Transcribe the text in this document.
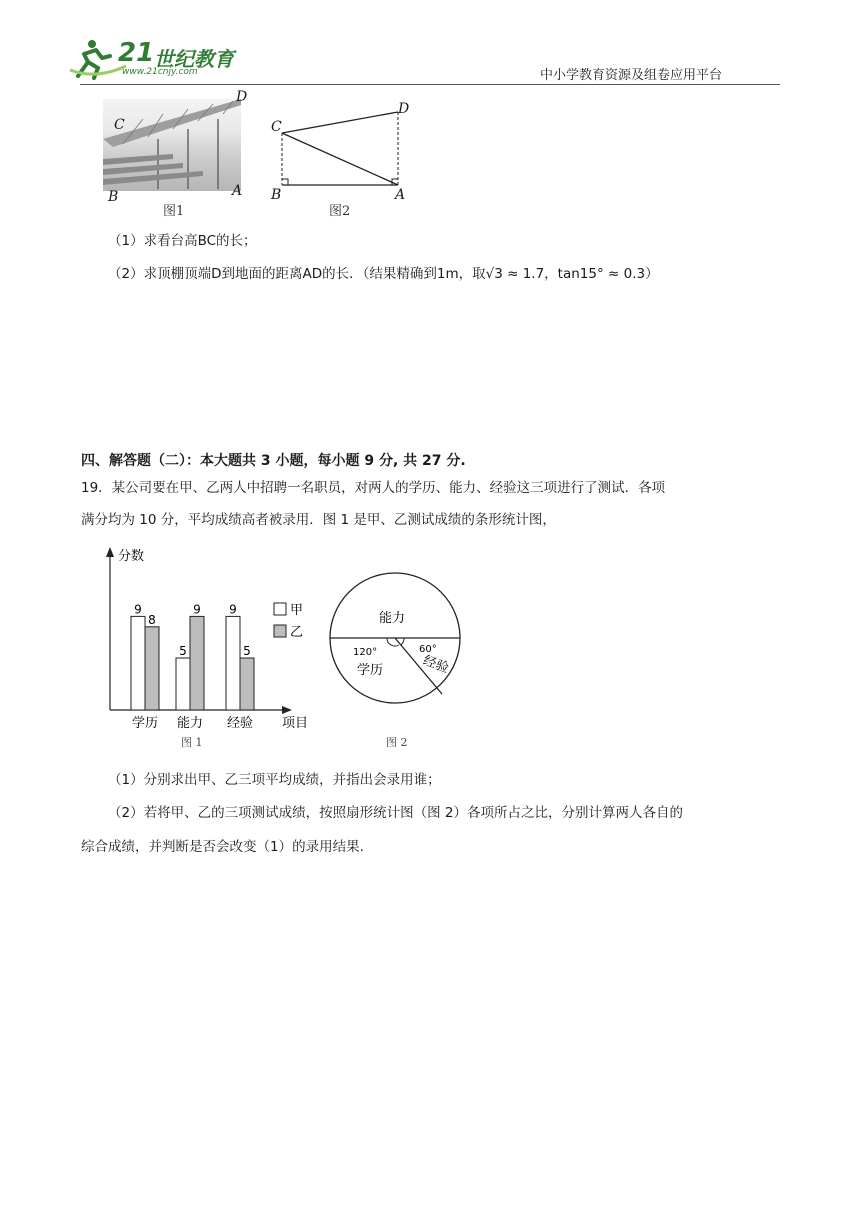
21 世纪教育
www.21cnjy.com	中小学教育资源及组卷应用平台
C
D
B	A
图1
C
D
B	A
图2
（1）求看台高BC的长；
（2）求顶棚顶端D到地面的距离AD的长．（结果精确到1m，取√3 ≈ 1.7，tan15° ≈ 0.3）
四、解答题（二）：本大题共 3 小题，每小题 9 分, 共 27 分.
19．某公司要在甲、乙两人中招聘一名职员，对两人的学历、能力、经验这三项进行了测试．各项
满分均为 10 分，平均成绩高者被录用．图 1 是甲、乙测试成绩的条形统计图，
分数
项目
9
8
学历
5
9
能力
9
5
经验
甲
乙
图 1
能力
120°
学历
60°
经验
图 2
（1）分别求出甲、乙三项平均成绩，并指出会录用谁；
（2）若将甲、乙的三项测试成绩，按照扇形统计图（图 2）各项所占之比，分别计算两人各自的
综合成绩，并判断是否会改变（1）的录用结果.
